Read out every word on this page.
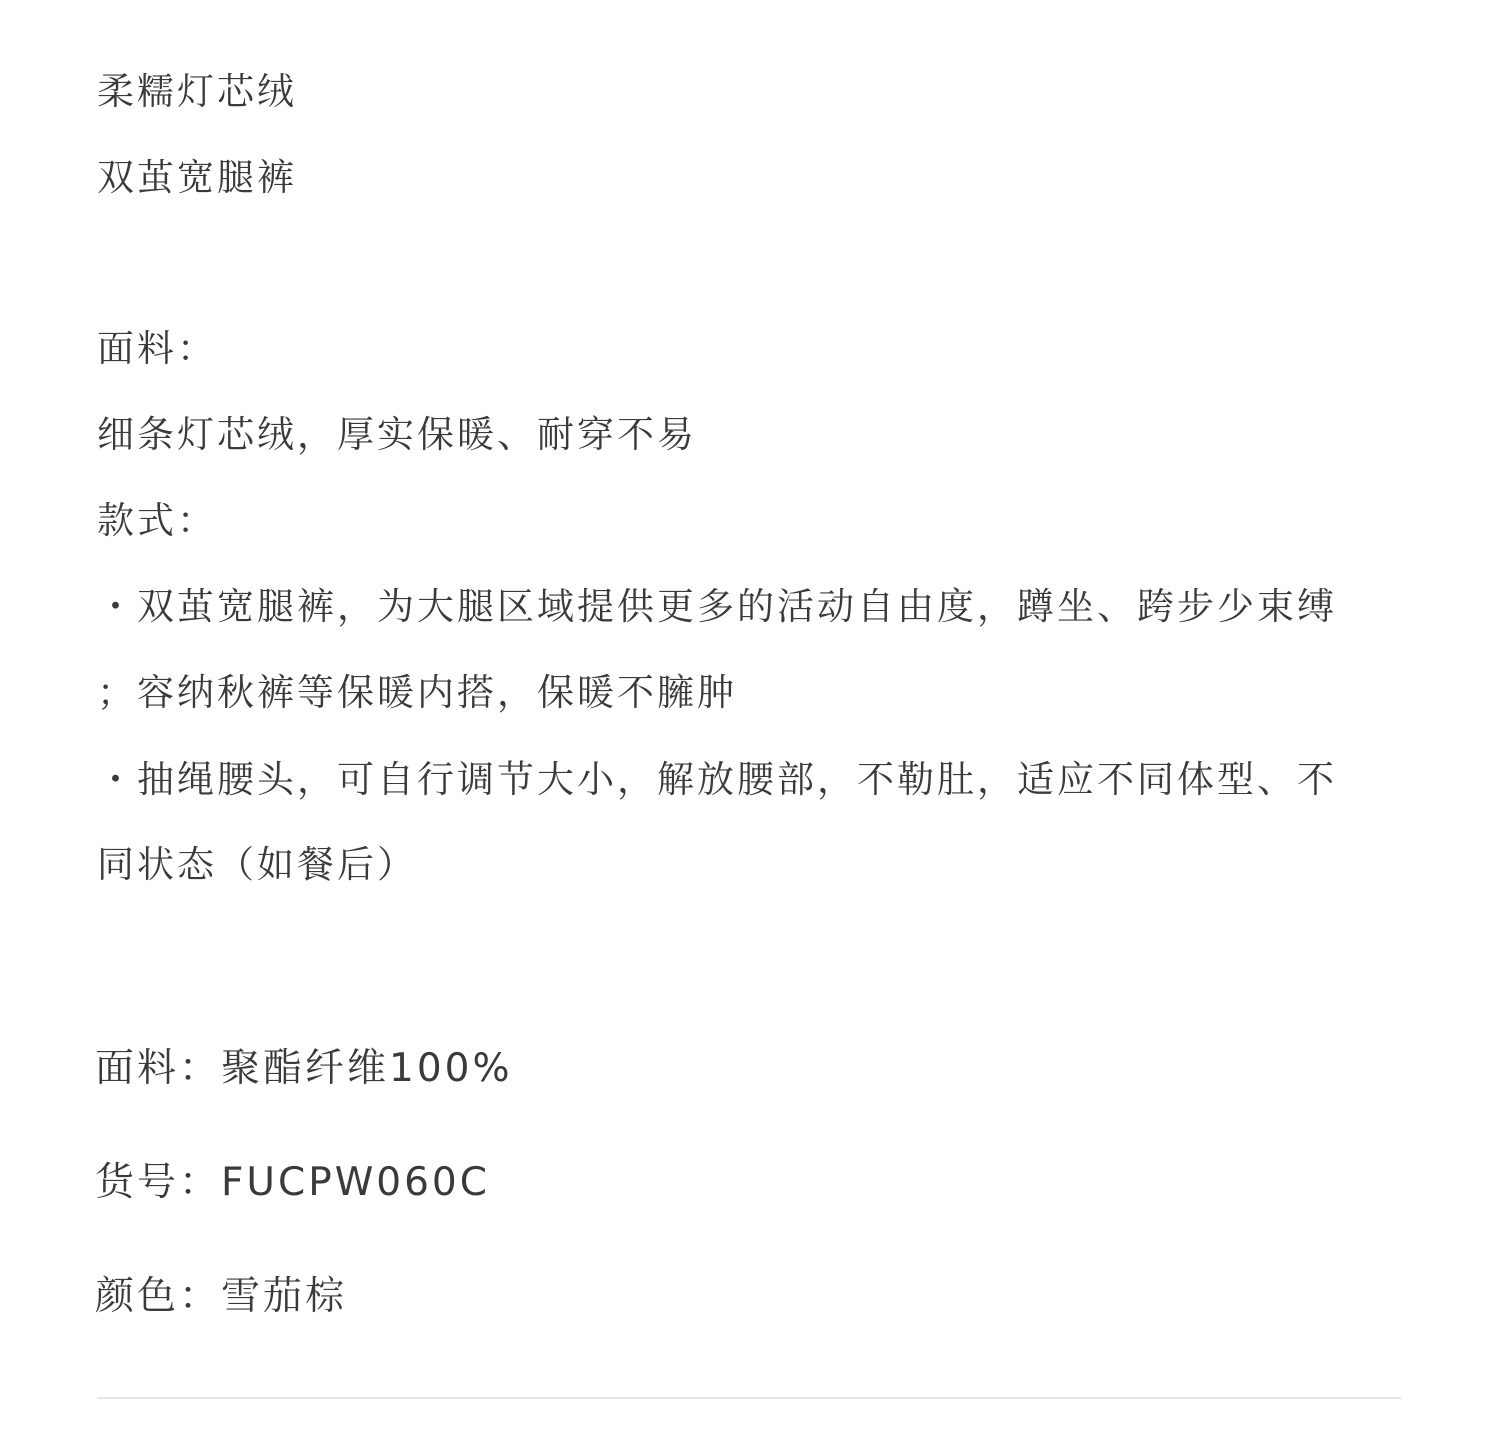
柔糯灯芯绒
双茧宽腿裤
面料：
细条灯芯绒，厚实保暖、耐穿不易
款式：
・双茧宽腿裤，为大腿区域提供更多的活动自由度，蹲坐、跨步少束缚
；容纳秋裤等保暖内搭，保暖不臃肿
・抽绳腰头，可自行调节大小，解放腰部，不勒肚，适应不同体型、不
同状态（如餐后）
面料：聚酯纤维100%
货号：FUCPW060C
颜色：雪茄棕
